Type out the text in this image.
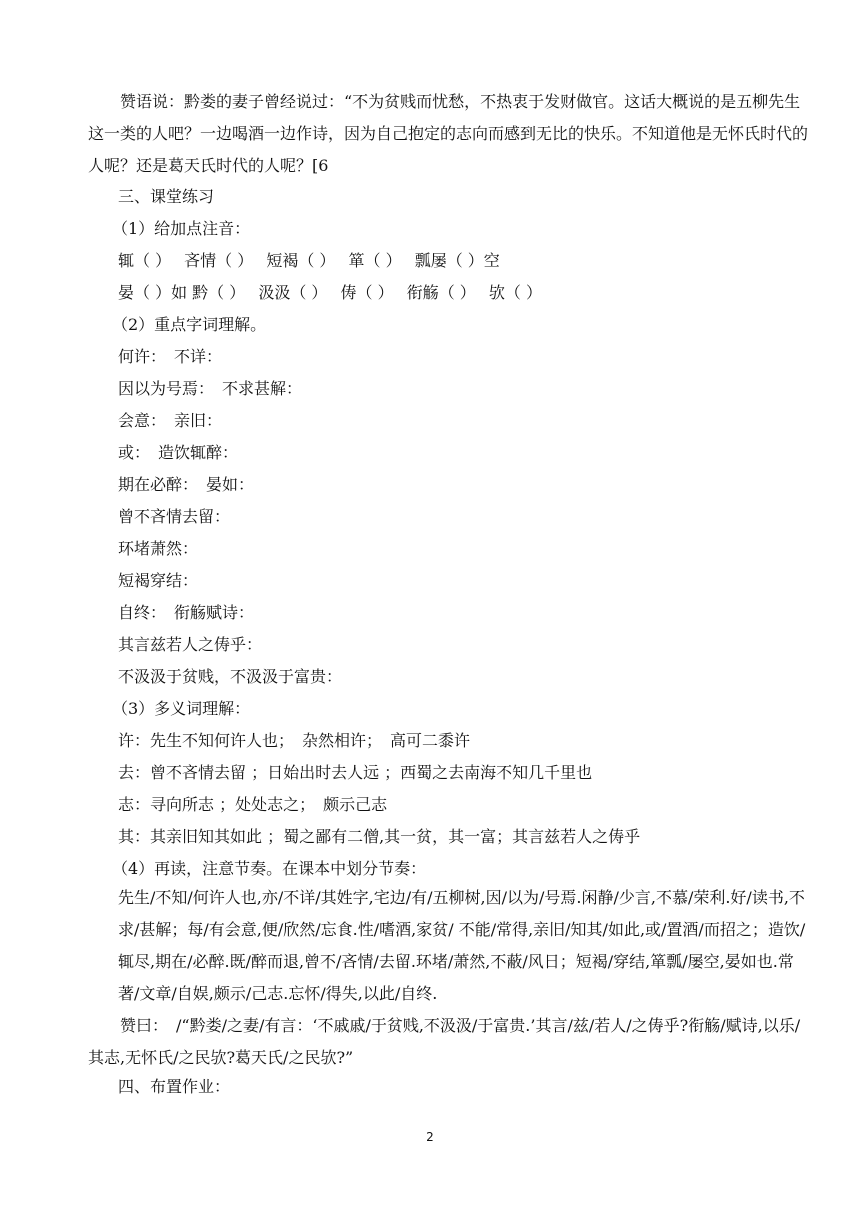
赞语说：黔娄的妻子曾经说过：“不为贫贱而忧愁，不热衷于发财做官。这话大概说的是五柳先生这一类的人吧？一边喝酒一边作诗，因为自己抱定的志向而感到无比的快乐。不知道他是无怀氏时代的人呢？还是葛天氏时代的人呢？[6

三、课堂练习
（1）给加点注音：
辄（ ）　 吝情（ ）　 短褐（ ）　 箪（ ）　 瓢屡（ ）空
晏（ ）如 黔（ ）　 汲汲（ ）　 俦（ ）　 衔觞（ ）　 欤（ ）
（2）重点字词理解。
何许：　不详：
因以为号焉：　不求甚解：
会意：　亲旧：
或：　造饮辄醉：
期在必醉：　晏如：
曾不吝情去留：
环堵萧然：
短褐穿结：
自终：　衔觞赋诗：
其言兹若人之俦乎：
不汲汲于贫贱，不汲汲于富贵：
（3）多义词理解：
许：先生不知何许人也；　杂然相许；　高可二黍许
去：曾不吝情去留 ；日始出时去人远 ；西蜀之去南海不知几千里也
志：寻向所志 ；处处志之；　颇示己志
其：其亲旧知其如此 ；蜀之鄙有二僧,其一贫，其一富；其言兹若人之俦乎
（4）再读，注意节奏。在课本中划分节奏：

先生/不知/何许人也,亦/不详/其姓字,宅边/有/五柳树,因/以为/号焉.闲静/少言,不慕/荣利.好/读书,不求/甚解；每/有会意,便/欣然/忘食.性/嗜酒,家贫/ 不能/常得,亲旧/知其/如此,或/置酒/而招之；造饮/辄尽,期在/必醉.既/醉而退,曾不/吝情/去留.环堵/萧然,不蔽/风日；短褐/穿结,箪瓢/屡空,晏如也.常著/文章/自娱,颇示/己志.忘怀/得失,以此/自终.

赞曰：　/“黔娄/之妻/有言：‘不戚戚/于贫贱,不汲汲/于富贵.’其言/兹/若人/之俦乎?衔觞/赋诗,以乐/其志,无怀氏/之民欤?葛天氏/之民欤?”

四、布置作业：
2
